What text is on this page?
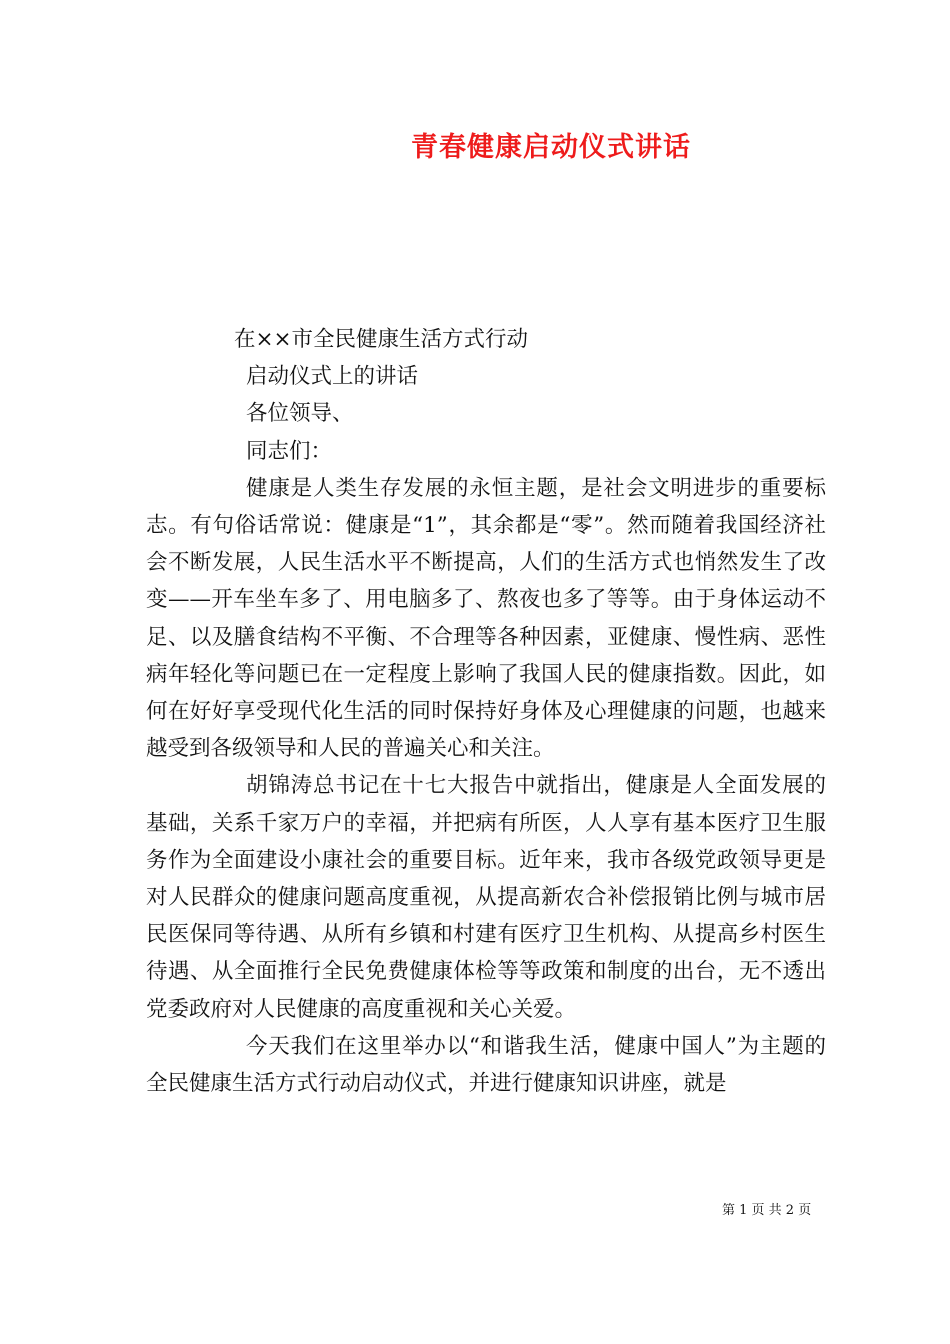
青春健康启动仪式讲话
在××市全民健康生活方式行动
启动仪式上的讲话
各位领导、
同志们：

健康是人类生存发展的永恒主题，是社会文明进步的重要标志。有句俗话常说：健康是“1”，其余都是“零”。然而随着我国经济社会不断发展，人民生活水平不断提高，人们的生活方式也悄然发生了改变——开车坐车多了、用电脑多了、熬夜也多了等等。由于身体运动不足、以及膳食结构不平衡、不合理等各种因素，亚健康、慢性病、恶性病年轻化等问题已在一定程度上影响了我国人民的健康指数。因此，如何在好好享受现代化生活的同时保持好身体及心理健康的问题，也越来越受到各级领导和人民的普遍关心和关注。

胡锦涛总书记在十七大报告中就指出，健康是人全面发展的基础，关系千家万户的幸福，并把病有所医，人人享有基本医疗卫生服务作为全面建设小康社会的重要目标。近年来，我市各级党政领导更是对人民群众的健康问题高度重视，从提高新农合补偿报销比例与城市居民医保同等待遇、从所有乡镇和村建有医疗卫生机构、从提高乡村医生待遇、从全面推行全民免费健康体检等等政策和制度的出台，无不透出党委政府对人民健康的高度重视和关心关爱。

今天我们在这里举办以“和谐我生活，健康中国人”为主题的全民健康生活方式行动启动仪式，并进行健康知识讲座，就是

第 1 页 共 2 页
